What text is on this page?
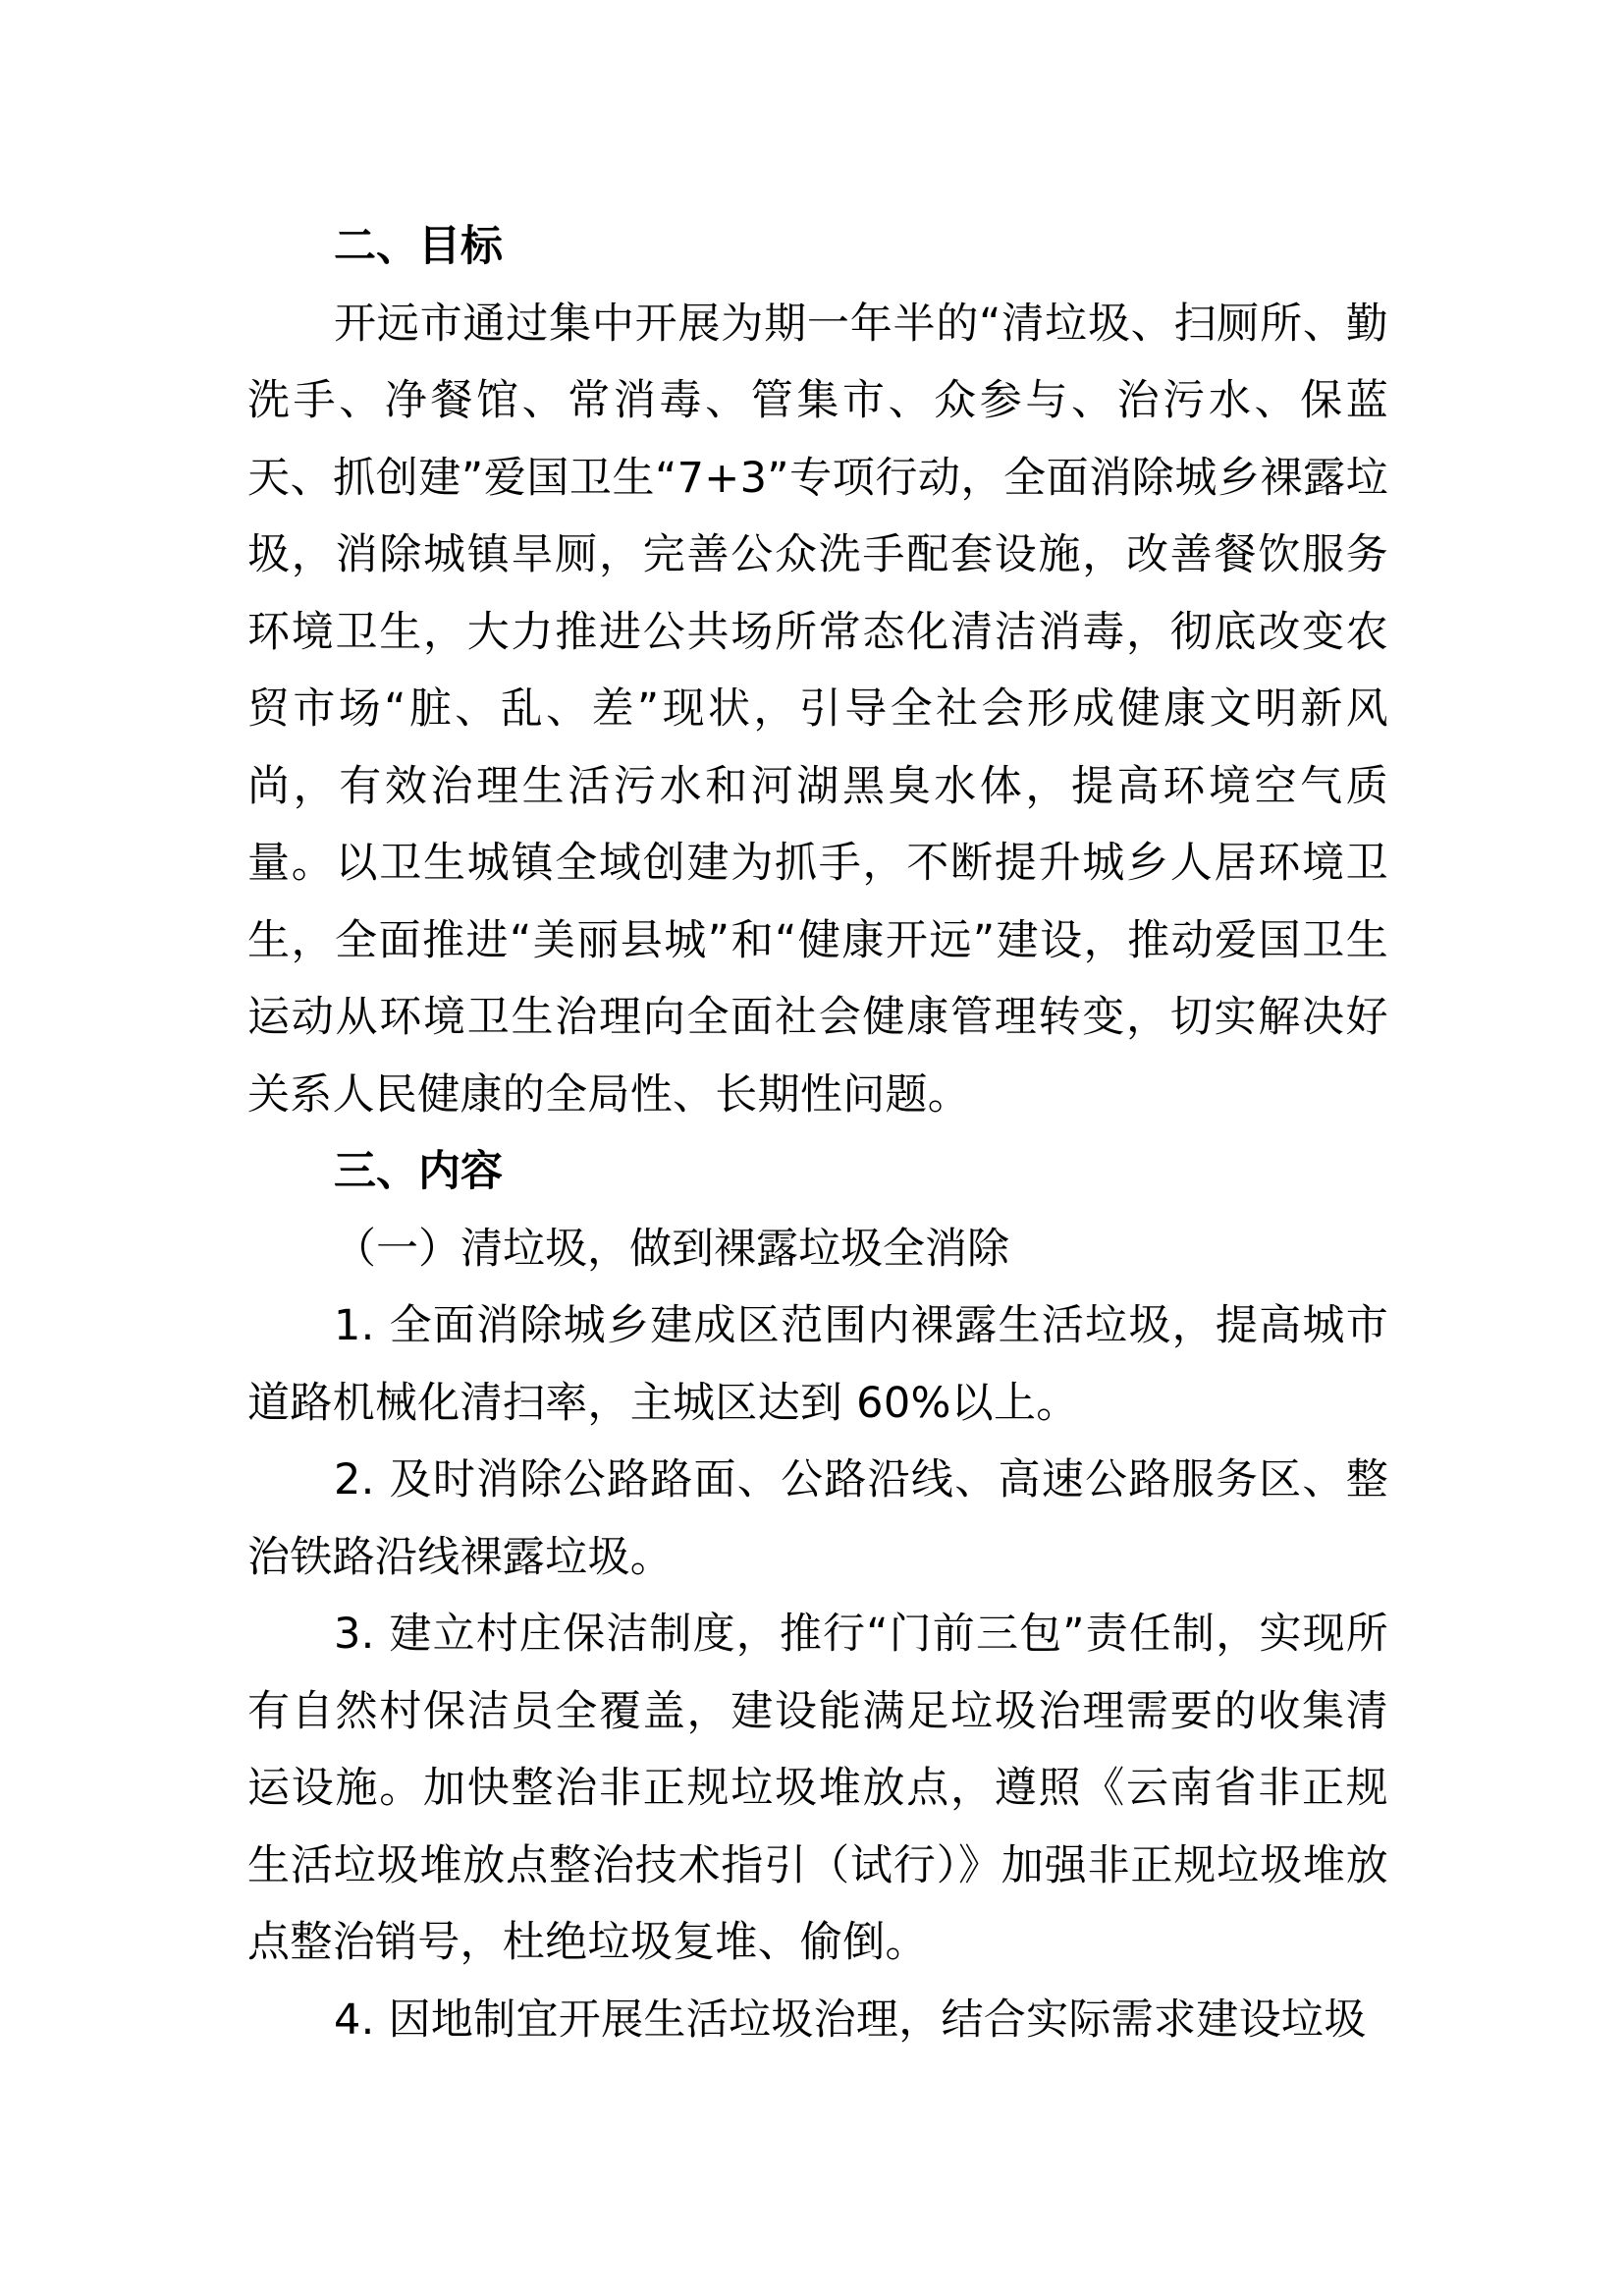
二、目标

开远市通过集中开展为期一年半的“清垃圾、扫厕所、勤洗手、净餐馆、常消毒、管集市、众参与、治污水、保蓝天、抓创建”爱国卫生“7+3”专项行动，全面消除城乡裸露垃圾，消除城镇旱厕，完善公众洗手配套设施，改善餐饮服务环境卫生，大力推进公共场所常态化清洁消毒，彻底改变农贸市场“脏、乱、差”现状，引导全社会形成健康文明新风尚，有效治理生活污水和河湖黑臭水体，提高环境空气质量。以卫生城镇全域创建为抓手，不断提升城乡人居环境卫生，全面推进“美丽县城”和“健康开远”建设，推动爱国卫生运动从环境卫生治理向全面社会健康管理转变，切实解决好关系人民健康的全局性、长期性问题。

三、内容

（一）清垃圾，做到裸露垃圾全消除

1. 全面消除城乡建成区范围内裸露生活垃圾，提高城市道路机械化清扫率，主城区达到 60%以上。

2. 及时消除公路路面、公路沿线、高速公路服务区、整治铁路沿线裸露垃圾。

3. 建立村庄保洁制度，推行“门前三包”责任制，实现所有自然村保洁员全覆盖，建设能满足垃圾治理需要的收集清运设施。加快整治非正规垃圾堆放点，遵照《云南省非正规生活垃圾堆放点整治技术指引（试行）》加强非正规垃圾堆放点整治销号，杜绝垃圾复堆、偷倒。

4. 因地制宜开展生活垃圾治理，结合实际需求建设垃圾
